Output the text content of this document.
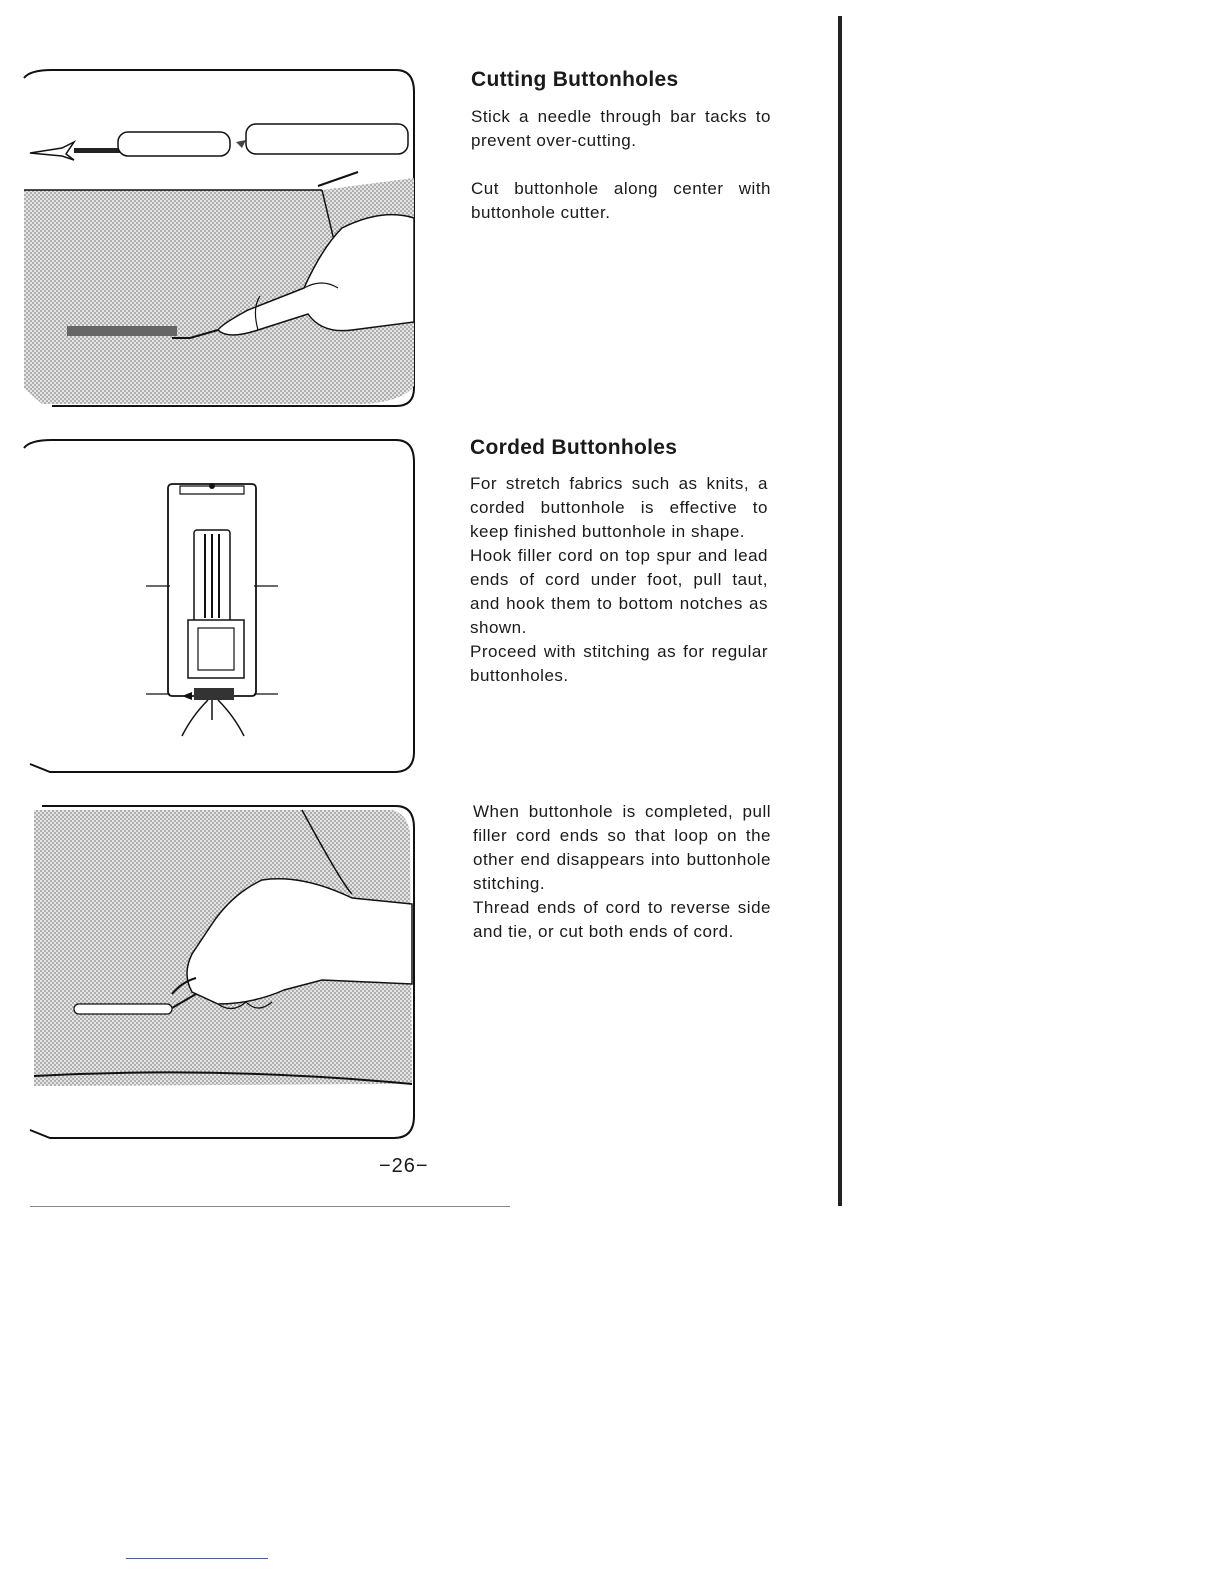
Cutting Buttonholes
Stick a needle through bar tacks to prevent over-cutting.
Cut buttonhole along center with buttonhole cutter.
Corded Buttonholes
For stretch fabrics such as knits, a corded buttonhole is effective to keep finished buttonhole in shape.
Hook filler cord on top spur and lead ends of cord under foot, pull taut, and hook them to bottom notches as shown.
Proceed with stitching as for regular buttonholes.
When buttonhole is completed, pull filler cord ends so that loop on the other end disappears into buttonhole stitching.
Thread ends of cord to reverse side and tie, or cut both ends of cord.
−26−
